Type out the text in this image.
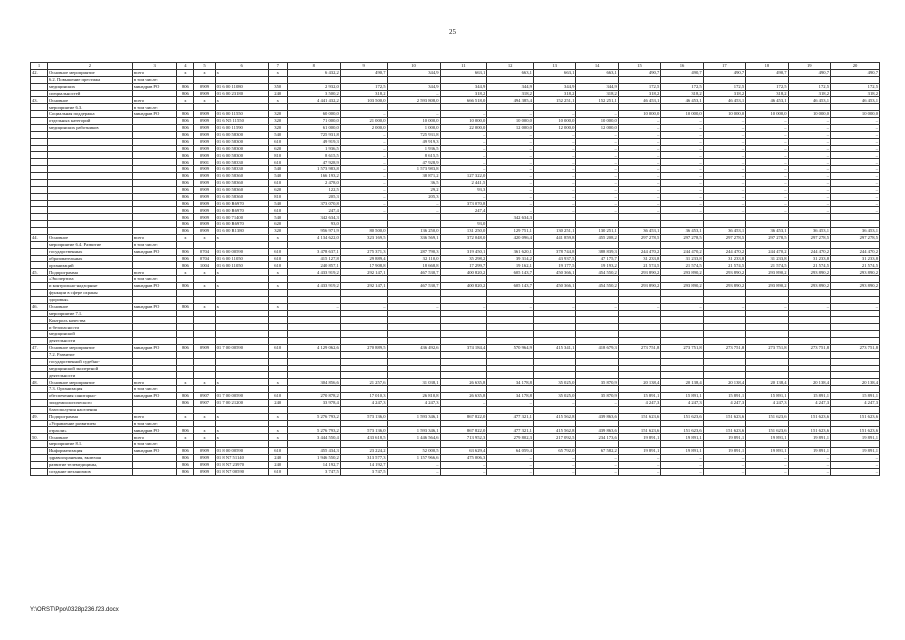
25
1	2	3	4	5	6	7	8	9	10	11	12	13	14	15	16	17	18	19	20
42.	Основное мероприятие	всего	х	х	х	х	6 432,2	490,7	344,9	663,1	663,1	663,1	663,1	490,7	490,7	490,7	490,7	490,7	490,7
	6.2. Повышение престижа	в том числе:																	
	медицинских	минздрав РО	806	0909	01 6 00 11080	350	2 932,0	172,5	344,9	344,9	344,9	344,9	344,9	172,5	172,5	172,5	172,5	172,5	172,5
	специальностей		806	0909	01 6 00 23180	240	3 500,2	318,2	–	318,2	318,2	318,2	318,2	318,2	318,2	318,2	318,2	318,2	318,2
43.	Основное	всего	х	х	х	х	4 441 432,2	103 500,0	2 593 808,0	666 518,0	494 385,4	152 251,1	152 251,1	46 453,1	46 453,1	46 453,1	46 453,1	46 453,1	46 453,1
	мероприятие 6.3.	в том числе:																	
	Социальная поддержка	минздрав РО	806	0909	01 6 00 11550	320	60 000,0	–	–	–	–	–	–	10 000,0	10 000,0	10 000,0	10 000,0	10 000,0	10 000,0
	отдельных категорий		806	0909	01 6 N5 11550	320	71 000,0	21 000,0	10 000,0	10 000,0	10 000,0	10 000,0	10 000,0	–	–	–	–	–	–
	медицинских работников		806	0909	01 6 00 11590	320	61 000,0	2 000,0	1 000,0	22 000,0	12 000,0	12 000,0	12 000,0	–	–	–	–	–	–
			806	0909	01 6 00 58300	540	725 931,8	–	725 931,8	–	–	–	–	–	–	–	–	–	–
			806	0909	01 6 00 58300	610	49 919,3	–	49 919,3	–	–	–	–	–	–	–	–	–	–
			806	0909	01 6 00 58300	620	1 936,5	–	1 936,5	–	–	–	–	–	–	–	–	–	–
			806	0909	01 6 00 58300	810	8 615,5	–	8 615,5	–	–	–	–	–	–	–	–	–	–
			806	0901	01 6 00 58330	610	47 928,9	–	47 928,9	–	–	–	–	–	–	–	–	–	–
			806	0909	01 6 00 58330	540	1 573 983,8	–	1 573 983,8	–	–	–	–	–	–	–	–	–	–
			806	0909	01 6 00 58360	540	166 193,2	–	38 871,2	127 322,0	–	–	–	–	–	–	–	–	–
			806	0909	01 6 00 58360	610	2 478,0	–	36,5	2 441,5	–	–	–	–	–	–	–	–	–
			806	0909	01 6 00 58360	620	122,5	–	29,2	93,3	–	–	–	–	–	–	–	–	–
			806	0909	01 6 00 58360	810	205,3	–	205,3	–	–	–	–	–	–	–	–	–	–
			806	0909	01 6 00 R6970	540	373 070,8	–	–	373 070,8	–	–	–	–	–	–	–	–	–
			806	0909	01 6 00 R6970	610	247,4	–	–	247,4	–	–	–	–	–	–	–	–	–
			806	0909	01 6 00 71400	540	342 634,3				342 634,3								
			806	0909	01 6 00 R6970	620	93,0			93,0									
			806	0909	01 6 00 R1380	320	956 971,9	80 500,0	136 250,0	131 250,0	129 751,1	130 251,1	130 251,1	36 453,1	36 453,1	36 453,1	36 453,1	36 453,1	36 453,1
44.	Основное	всего	х	х	х	х	4 134 622,0	323 169,5	336 569,1	372 048,0	420 096,4	441 859,8	455 208,2	297 278,5	297 278,5	297 278,5	297 278,5	297 278,5	297 278,5
	мероприятие 6.4. Развитие	в том числе:																	
	государственных	минздрав РО	806	0704	01 6 00 00590	610	3 478 637,1	275 371,3	287 790,3	319 450,1	361 620,1	378 744,8	388 839,3	244 470,2	244 470,2	244 470,2	244 470,2	244 470,2	244 470,2
	образовательных		806	0704	01 6 00 11050	610	415 127,8	29 889,4	32 110,0	35 298,2	39 314,2	43 937,5	47 175,7	31 233,8	31 233,8	31 233,8	31 233,8	31 233,8	31 233,8
	организаций		806	1004	01 6 00 11050	610	240 857,1	17 908,8	18 668,8	17 299,7	19 162,1	19 177,5	19 193,2	21 574,5	21 574,5	21 574,5	21 574,5	21 574,5	21 574,5
45.	Подпрограмма	всего	х	х	х	х	4 433 919,2	292 147,1	467 530,7	400 820,2	605 143,7	450 366,1	454 550,2	293 890,2	293 890,2	293 890,2	293 890,2	293 890,2	293 890,2
	«Экспертиза	в том числе:																	
	и контрольно-надзорные	минздрав РО	806	х	х	х	4 433 919,2	292 147,1	467 530,7	400 820,2	605 143,7	450 366,1	454 550,2	293 890,2	293 890,2	293 890,2	293 890,2	293 890,2	293 890,2
	функции в сфере охраны																		
	здоровья»																		
46.	Основное	минздрав РО	806	х	х	х	–	–	–	–	–	–	–	–	–	–	–	–	–
	мероприятие 7.1.																		
	Контроль качества																		
	и безопасности																		
	медицинской																		
	деятельности																		
47.	Основное мероприятие	минздрав РО	806	0909	01 7 00 00590	610	4 129 062,6	270 889,5	436 492,6	374 184,4	570 964,9	415 341,1	418 679,3	273 751,8	273 751,8	273 751,8	273 751,8	273 751,8	273 751,8
	7.2. Развитие																		
	государственной судебно-																		
	медицинской экспертной																		
	деятельности																		
48.	Основное мероприятие	всего	х	х	х	х	304 856,6	21 257,6	31 038,1	26 635,8	34 178,8	35 025,0	35 870,9	20 138,4	20 138,4	20 138,4	20 138,4	20 138,4	20 138,4
	7.3. Организация	в том числе:																	
	обеспечения санитарно-	минздрав РО	806	0907	01 7 00 00590	610	270 878,2	17 010,3	26 810,8	26 635,8	34 178,8	35 025,0	35 870,9	15 891,1	15 891,1	15 891,1	15 891,1	15 891,1	15 891,1
	эпидемиологического		806	0907	01 7 00 21200	240	33 978,4	4 247,3	4 247,3	–	–	–	–	4 247,3	4 247,3	4 247,3	4 247,3	4 247,3	4 247,3
	благополучия населения																		
49.	Подпрограмма	всего	х	х	х	х	5 276 793,2	573 136,0	1 593 346,1	867 822,0	477 321,1	415 562,8	439 863,6	151 623,6	151 623,6	151 623,6	151 623,6	151 623,6	151 623,6
	«Управление развитием	в том числе:																	
	отрасли»	минздрав РО	806	х	х	х	5 276 793,2	573 136,0	1 593 346,1	867 822,0	477 321,1	415 562,8	439 863,6	151 623,6	151 623,6	151 623,6	151 623,6	151 623,6	151 623,6
50.	Основное	всего	х	х	х	х	3 444 550,4	433 618,5	1 446 564,6	713 952,3	279 802,3	217 092,5	234 173,6	19 891,1	19 891,1	19 891,1	19 891,1	19 891,1	19 891,1
	мероприятие 8.1.	в том числе:																	
	Информатизация	минздрав РО	806	0909	01 8 00 00590	610	455 434,3	23 224,2	52 000,5	63 629,4	64 059,4	65 792,0	67 582,2	19 891,1	19 891,1	19 891,1	19 891,1	19 891,1	19 891,1
	здравоохранения, включая		806	0909	01 8 N7 51140	240	1 946 550,2	313 577,3	1 157 966,6	475 006,3	–	–	–	–	–	–	–	–	–
	развитие телемедицины,		806	0909	01 8 N7 23970	240	14 192,7	14 192,7	–	–	–	–	–	–	–	–	–	–	–
	создание механизмов		806	0909	01 8 N7 00590	610	3 747,5	3 747,5	–	–	–	–	–	–	–	–	–	–	–
Y:\ORST\Ppo\0328p236.f23.docx
